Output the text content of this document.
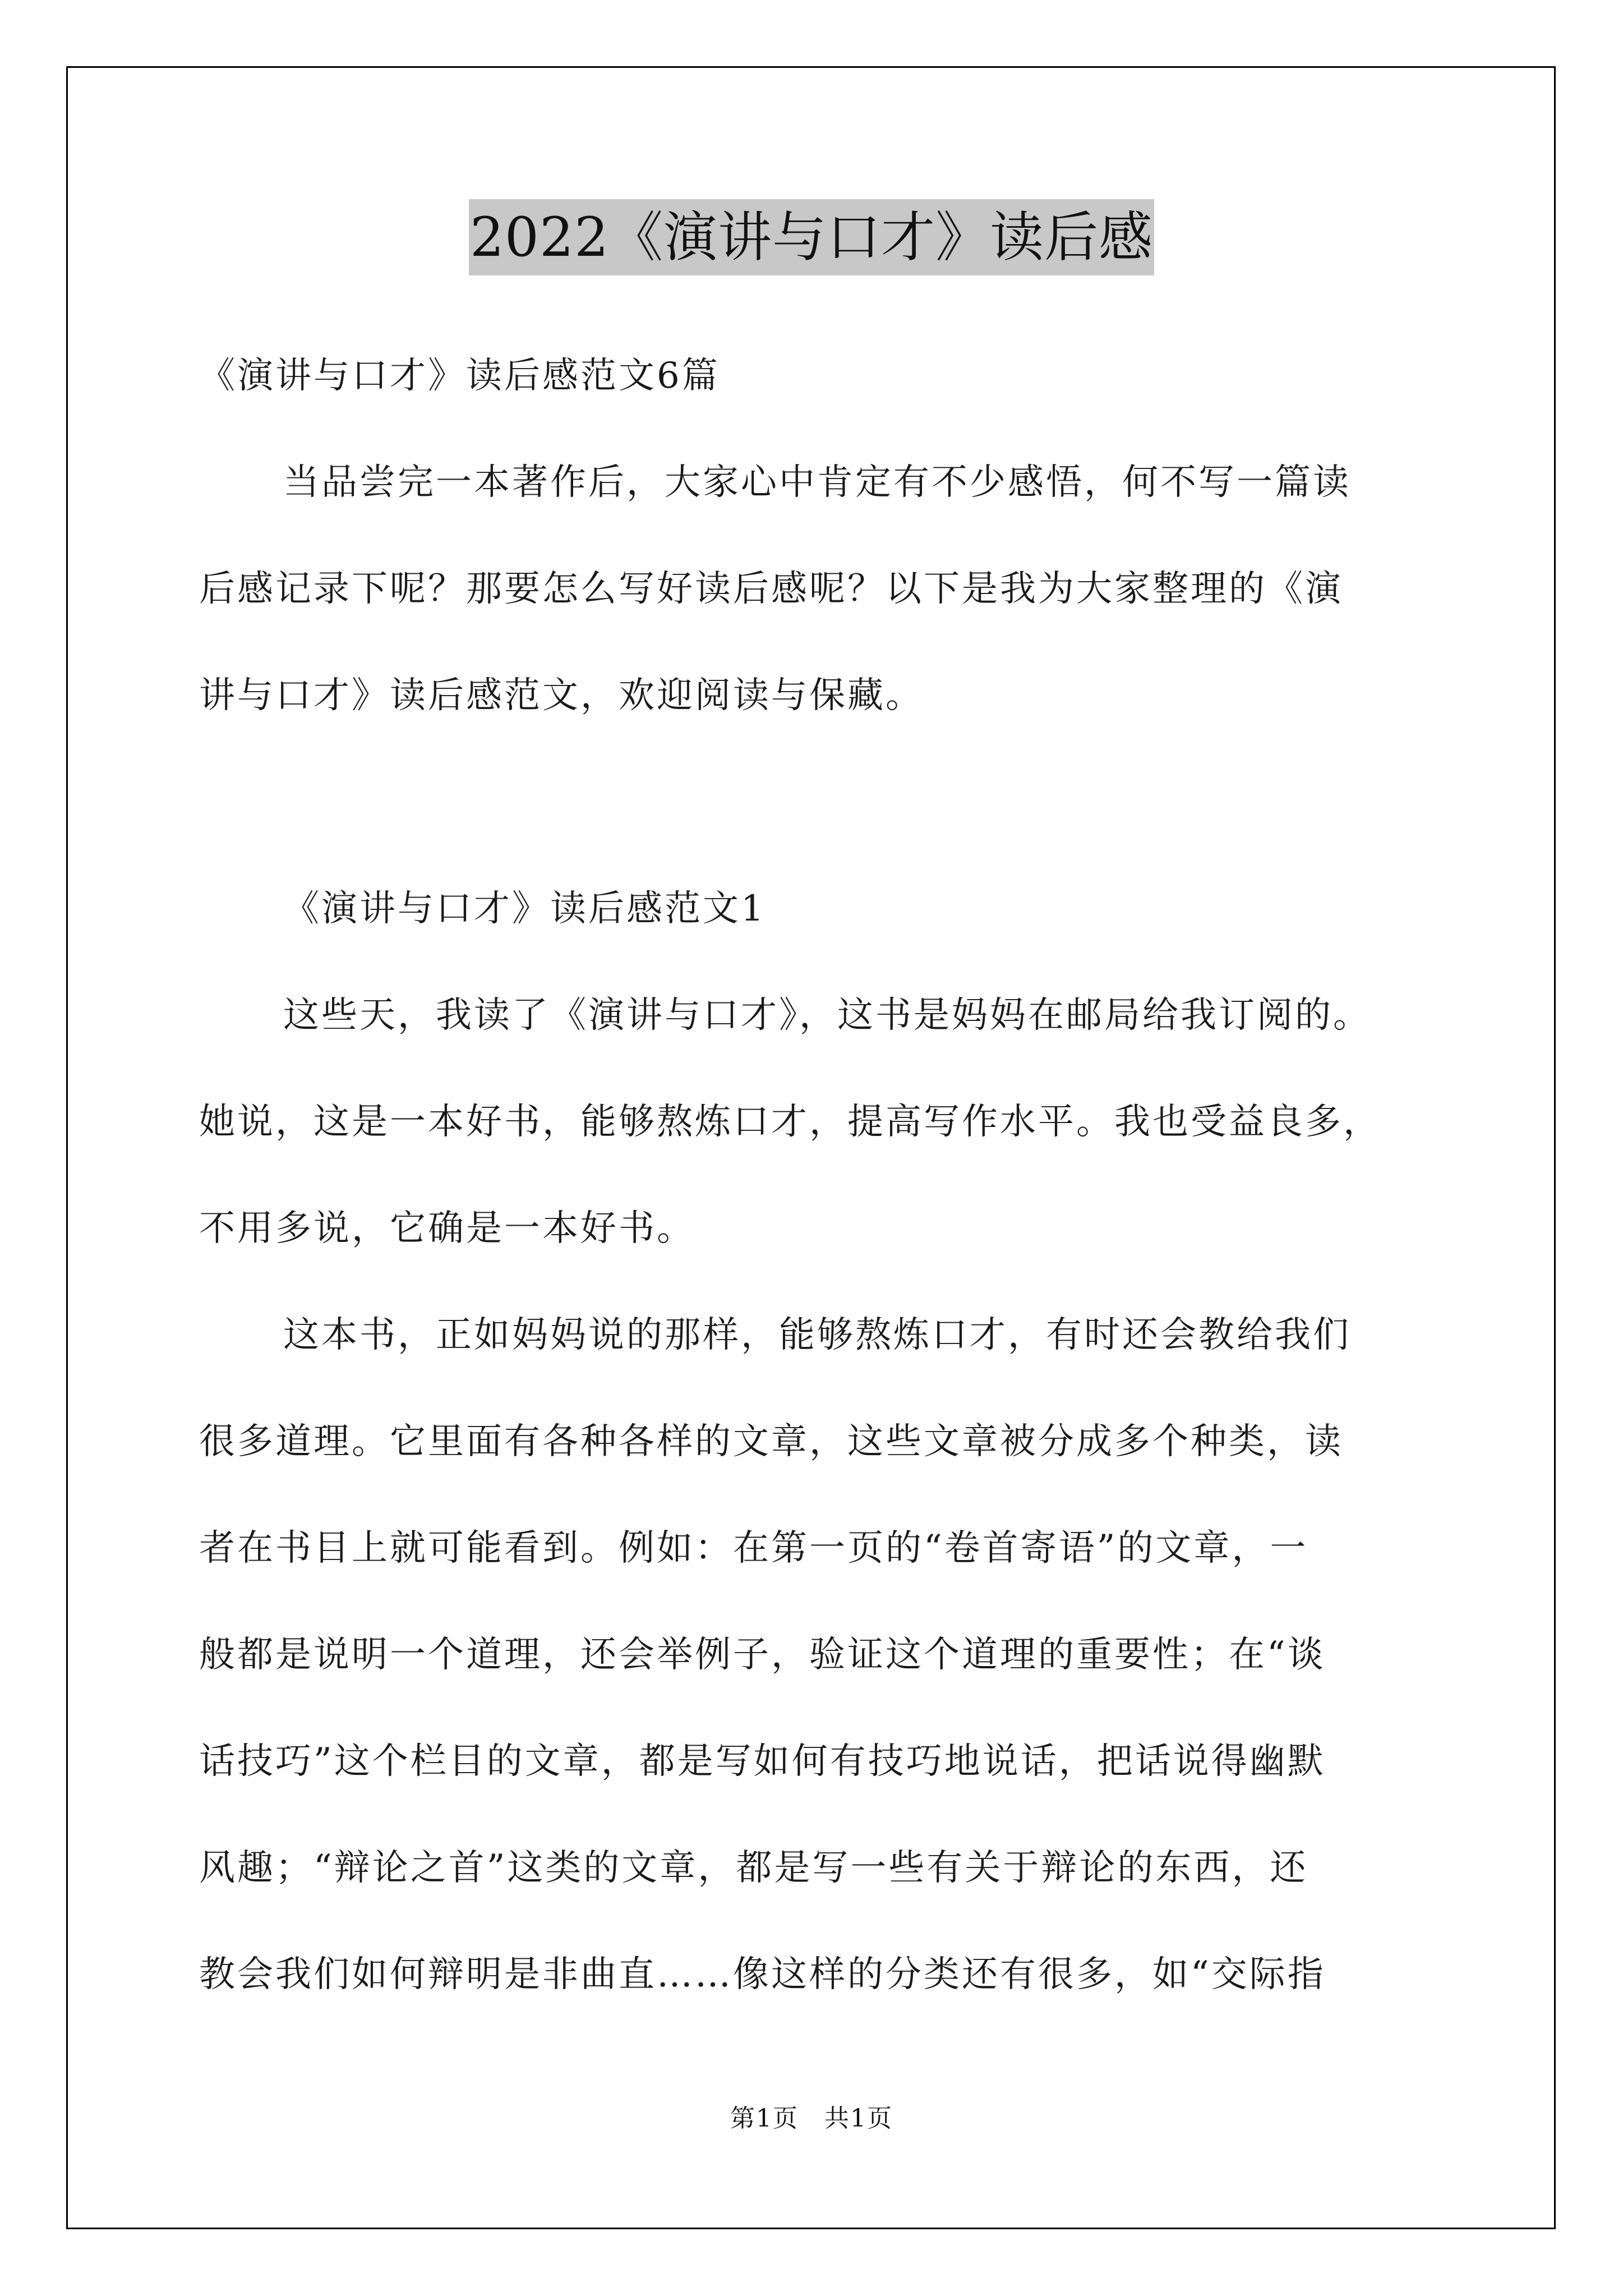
2022《演讲与口才》读后感
《演讲与口才》读后感范文6篇
当品尝完一本著作后，大家心中肯定有不少感悟，何不写一篇读
后感记录下呢？那要怎么写好读后感呢？以下是我为大家整理的《演
讲与口才》读后感范文，欢迎阅读与保藏。
《演讲与口才》读后感范文1
这些天，我读了《演讲与口才》，这书是妈妈在邮局给我订阅的。
她说，这是一本好书，能够熬炼口才，提高写作水平。我也受益良多，
不用多说，它确是一本好书。
这本书，正如妈妈说的那样，能够熬炼口才，有时还会教给我们
很多道理。它里面有各种各样的文章，这些文章被分成多个种类，读
者在书目上就可能看到。例如：在第一页的“卷首寄语”的文章，一
般都是说明一个道理，还会举例子，验证这个道理的重要性；在“谈
话技巧”这个栏目的文章，都是写如何有技巧地说话，把话说得幽默
风趣；“辩论之首”这类的文章，都是写一些有关于辩论的东西，还
教会我们如何辩明是非曲直……像这样的分类还有很多，如“交际指
第1页　共1页
